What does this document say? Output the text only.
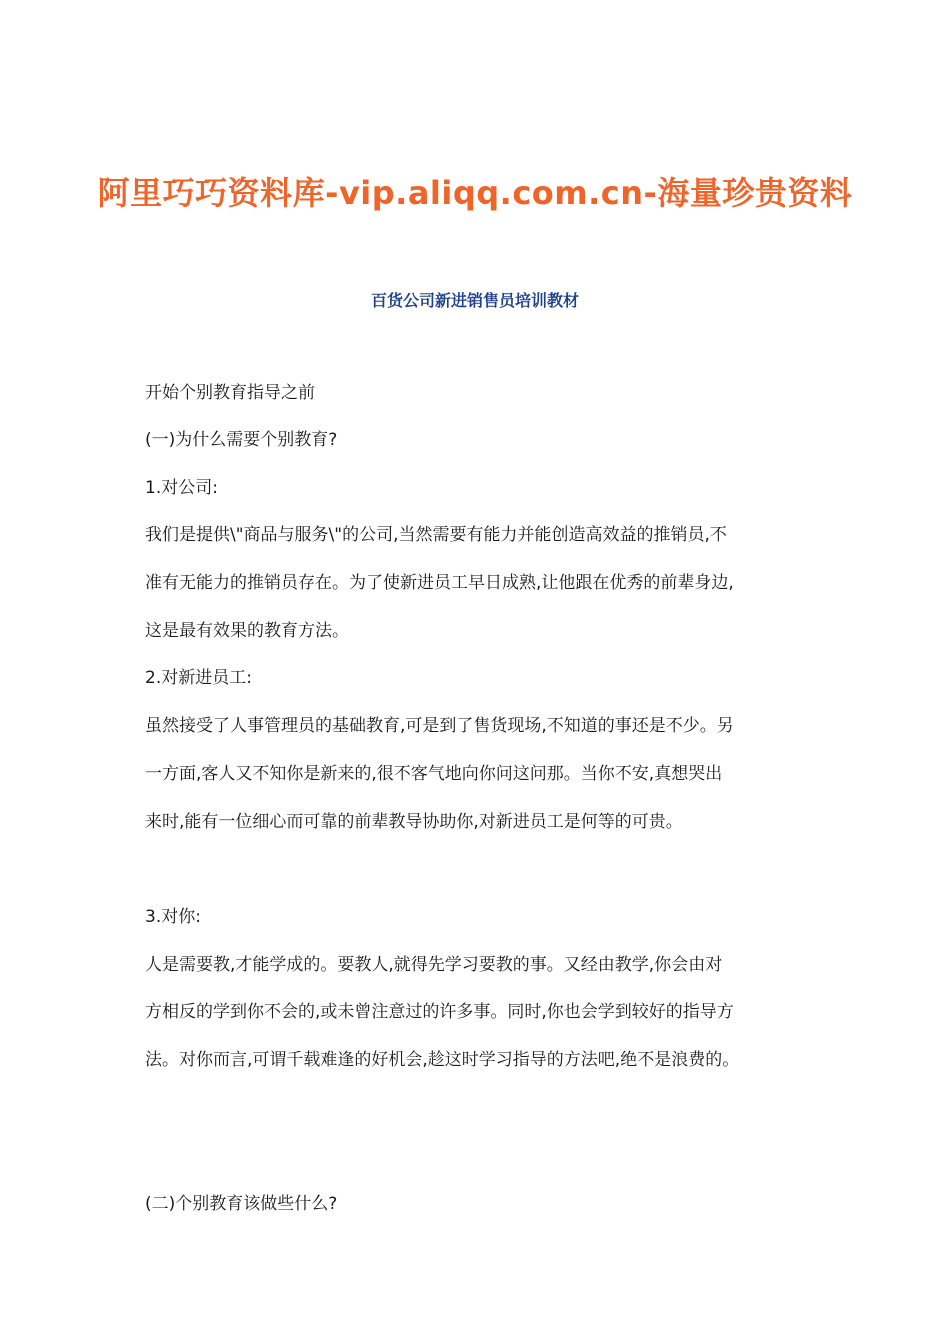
阿里巧巧资料库-vip.aliqq.com.cn-海量珍贵资料
百货公司新进销售员培训教材
开始个别教育指导之前
(一)为什么需要个别教育?
1.对公司:
我们是提供\"商品与服务\"的公司,当然需要有能力并能创造高效益的推销员,不
准有无能力的推销员存在。为了使新进员工早日成熟,让他跟在优秀的前辈身边,
这是最有效果的教育方法。
2.对新进员工:
虽然接受了人事管理员的基础教育,可是到了售货现场,不知道的事还是不少。另
一方面,客人又不知你是新来的,很不客气地向你问这问那。当你不安,真想哭出
来时,能有一位细心而可靠的前辈教导协助你,对新进员工是何等的可贵。
3.对你:
人是需要教,才能学成的。要教人,就得先学习要教的事。又经由教学,你会由对
方相反的学到你不会的,或未曾注意过的许多事。同时,你也会学到较好的指导方
法。对你而言,可谓千载难逢的好机会,趁这时学习指导的方法吧,绝不是浪费的。
(二)个别教育该做些什么?
